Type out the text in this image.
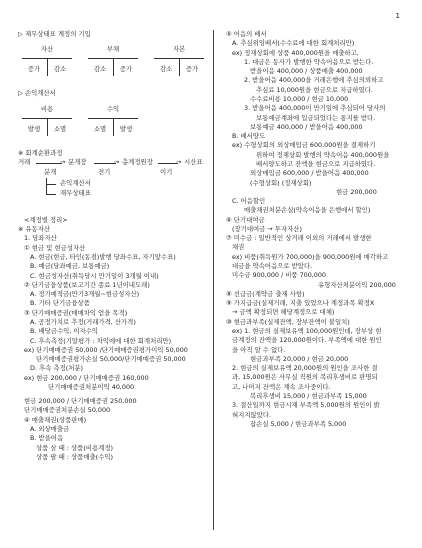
1

▷ 재무상태표 계정의 기입

자산
증가	감소
부채
감소	증가
자본
감소	증가

▷ 손익계산서

비용
발생	소멸
수익
소멸	발생

※ 회계순환과정

거래	→ 분개장	→ 총계정원장	→ 시산표
분개	전기	이기
손익계산서
재무상태표

<계정별 정리>

※ 유동자산

1. 당좌자산

① 현금 및 현금성자산

A. 현금(현금, 타인(동점)발행 당좌수표, 자기앞수표)

B. 예금(당좌예금, 보통예금)

C. 현금성자산(취득당시 만기일이 3개월 이내)

② 단기금융상품(보고기간 종료 1년이내도래)

A. 정기예적금(만기3개월~현금성자산)

B. 기타 단기금융상품

③ 단기매매증권(매매차익 얻을 목적)

A. 공정가치로 추정(거래가격, 산가격)

B. 배당금수익, 이자수익

C. 후속측정(기말평가 : 차익에에 대한 회계처리만)

ex) 단기매매증권 50,000 /단기매매증권평가이익 50,000

단기매매증권평가손실 50,000/단기매매증권 50,000

D. 후속 측정(처분)

ex) 현금 200,000 / 단기매매증권 160,000

단기매매증권처분이익 40,000

현금 200,000 / 단기매매증권 250,000

단기매매증권처분손실 50,000

④ 매출채권(상품판매)

A. 외상매출금

B. 받을어음

상품 삼 때 : 상품(비용계정)

상품 팔 때 : 상품매출(수익)

⑤ 어음의 배서

A. 추심위임배서(수수료에 대한 회계처리만)

ex) 정재상회에 상품 400,000원을 매출하고,

1. 대금은 동사가 발행한 약속어음으로 받는다.

받을어음 400,000 / 상품매출 400,000

2. 받을어음 400,000을 거래은행에 추심의뢰하고

추심료 10,000원을 현금으로 지급하였다.

수수료비용 10,000 / 현금 10,000

3. 받을어음 400,000이 만기일에 추심되어 당사의

보통예금계좌에 입금되었다는 통지를 받다.

보통예금 400,000 / 받을어음 400,000

B. 배서양도

ex) 수형상회의 외상매입금 600,000원을 결제하기

위하여 정재상회 발행의 약속어음 400,000원을

배서양도하고 잔액을 현금으로 지급하였다.

외상매입금 600,000 / 받을어음 400,000

(수형상회) (정재상회)

현금 200,000

C. 어음할인

매출채권처분손실(약속어음을 은행에서 할인)

⑥ 단기대여금

(장기대여금 → 투자자산)

⑦ 미수금 : 일반적인 상거래 이외의 거래에서 발생한

채권

ex) 비품(취득원가 700,000)을 900,000원에 매각하고

대금을 약속어음으로 받았다.

미수금 900,000 / 비품 700,000

유형자산처분이익 200,000

⑧ 선급금(계약금 출제 사항)

⑨ 가지급금(실제거래, 지출 있었으나 계정과목 확정X

→ 금액 확정되면 해당계정으로 대체)

⑩ 현금과부족(실제잔액, 장부잔액이 불일치)

ex) 1. 현금의 실제보유액 100,000원인데, 장부상 현

금계정의 잔액을 120,000원이다. 부족액에 대한 원인

을 아직 알 수 없다.

현금과부족 20,000 / 현금 20,000

2. 현금의 실제보유액 20,000원의 원인을 조사한 결

과, 15,000원은 사무실 직원의 복리후생비로 판명되

고, 나머지 잔액은 계속 조사중이다.

복리후생비 15,000 / 현금과부족 15,000

3. 결산일까지 현금시재 부족액 5,000원의 원인이 밝

혀지지않았다.

잡손실 5,000 / 현금과부족 5,000
